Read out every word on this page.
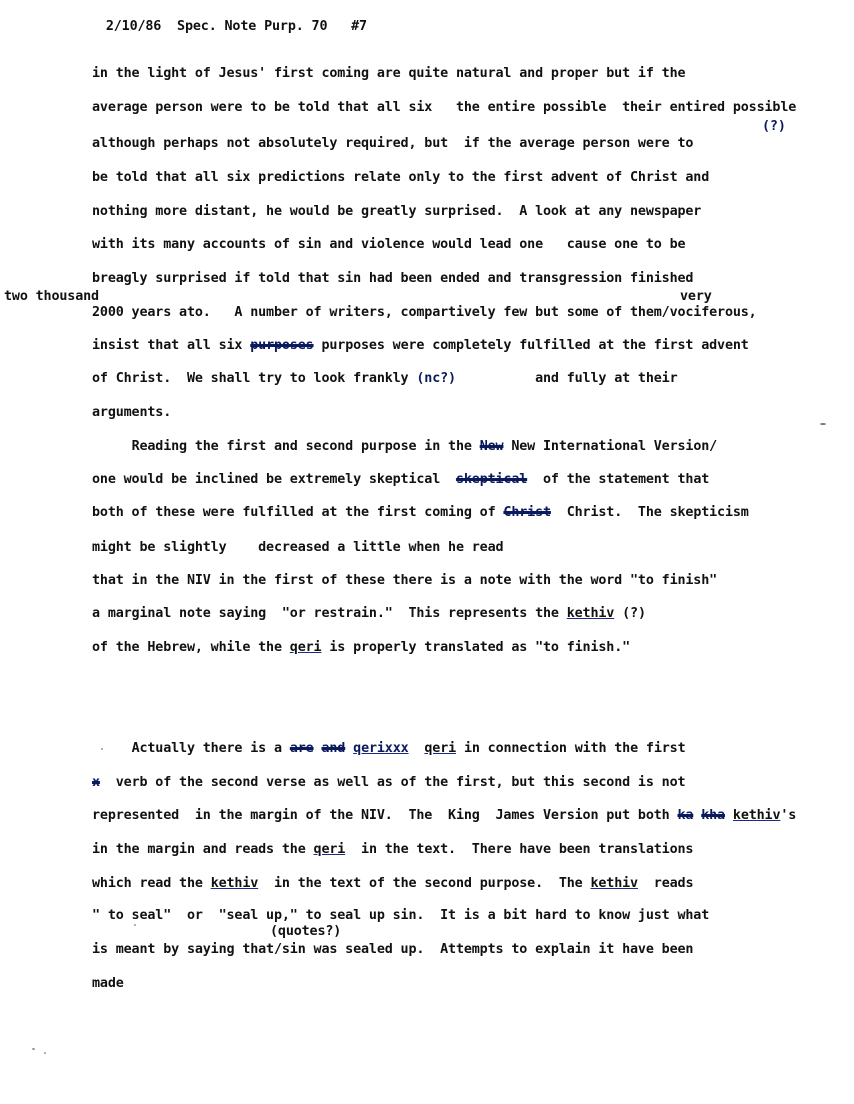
2/10/86 Spec. Note Purp. 70 #7

in the light of Jesus' first coming are quite natural and proper but if the
average person were to be told that all six   the entire possible  their entired possible
(?)
although perhaps not absolutely required, but  if the average person were to
be told that all six predictions relate only to the first advent of Christ and
nothing more distant, he would be greatly surprised.  A look at any newspaper
with its many accounts of sin and violence would lead one   cause one to be
breagly surprised if told that sin had been ended and transgression finished
two thousand	very
2000 years ato.   A number of writers, compartively few but some of them/vociferous,
insist that all six purposes purposes were completely fulfilled at the first advent
of Christ.  We shall try to look frankly (nc?)	and fully at their
arguments.
Reading the first and second purpose in the New New International Version/
one would be inclined be extremely skeptical  skeptical  of the statement that
both of these were fulfilled at the first coming of Christ  Christ.  The skepticism
might be slightly    decreased a little when he read
that in the NIV in the first of these there is a note with the word "to finish"
a marginal note saying  "or restrain."  This represents the kethiv (?)
of the Hebrew, while the qeri is properly translated as "to finish."
Actually there is a are and qerixxx qeri in connection with the first
x  verb of the second verse as well as of the first, but this second is not
represented  in the margin of the NIV.  The  King  James Version put both ka kha kethiv's
in the margin and reads the qeri  in the text.  There have been translations
which read the kethiv  in the text of the second purpose.  The kethiv  reads
" to seal"  or  "seal up," to seal up sin.  It is a bit hard to know just what
(quotes?)
is meant by saying that/sin was sealed up.  Attempts to explain it have been
made
